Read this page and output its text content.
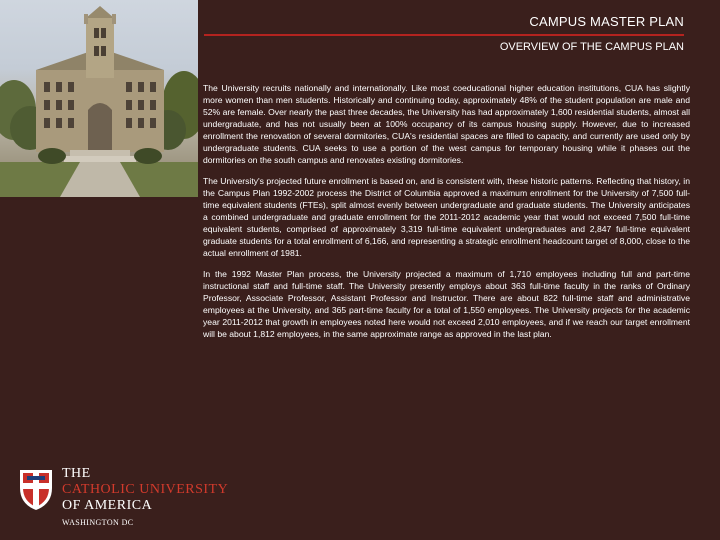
CAMPUS MASTER PLAN
OVERVIEW OF THE CAMPUS PLAN

The University recruits nationally and internationally. Like most coeducational higher education institutions, CUA has slightly more women than men students. Historically and continuing today, approximately 48% of the student population are male and 52% are female. Over nearly the past three decades, the University has had approximately 1,600 residential students, almost all undergraduate, and has not usually been at 100% occupancy of its campus housing supply. However, due to increased enrollment the renovation of several dormitories, CUA's residential spaces are filled to capacity, and currently are used only by undergraduate students. CUA seeks to use a portion of the west campus for temporary housing while it phases out the dormitories on the south campus and renovates existing dormitories.

The University's projected future enrollment is based on, and is consistent with, these historic patterns. Reflecting that history, in the Campus Plan 1992-2002 process the District of Columbia approved a maximum enrollment for the University of 7,500 full-time equivalent students (FTEs), split almost evenly between undergraduate and graduate students. The University anticipates a combined undergraduate and graduate enrollment for the 2011-2012 academic year that would not exceed 7,500 full-time equivalent students, comprised of approximately 3,319 full-time equivalent undergraduates and 2,847 full-time equivalent graduate students for a total enrollment of 6,166, and representing a strategic enrollment headcount target of 8,000, close to the actual enrollment of 1981.

In the 1992 Master Plan process, the University projected a maximum of 1,710 employees including full and part-time instructional staff and full-time staff. The University presently employs about 363 full-time faculty in the ranks of Ordinary Professor, Associate Professor, Assistant Professor and Instructor. There are about 822 full-time staff and administrative employees at the University, and 365 part-time faculty for a total of 1,550 employees. The University projects for the academic year 2011-2012 that growth in employees noted here would not exceed 2,010 employees, and if we reach our target enrollment will be about 1,812 employees, in the same approximate range as approved in the last plan.

THE
CATHOLIC UNIVERSITY
OF AMERICA
WASHINGTON DC
